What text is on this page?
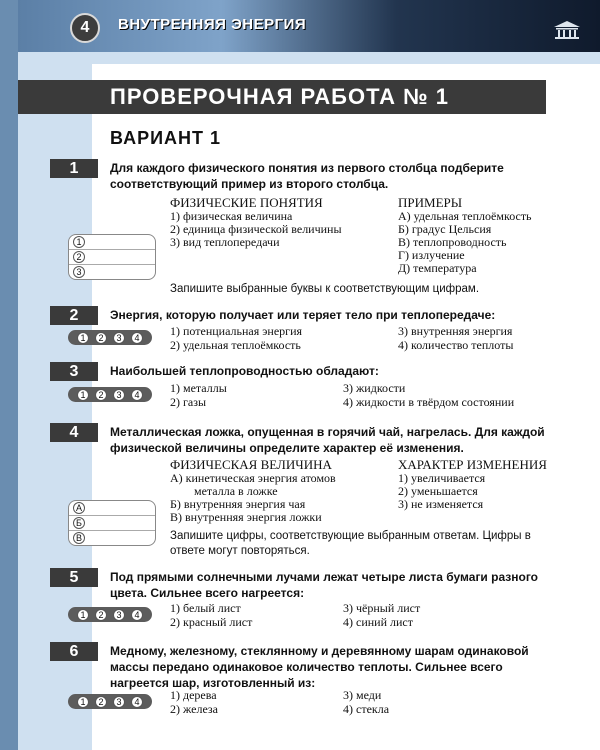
4	ВНУТРЕННЯЯ ЭНЕРГИЯ
ПРОВЕРОЧНАЯ РАБОТА № 1
ВАРИАНТ 1
1	Для каждого физического понятия из первого столбца подберите соответствующий пример из второго столбца.
ФИЗИЧЕСКИЕ ПОНЯТИЯ
1) физическая величина
2) единица физической величины
3) вид теплопередачи
ПРИМЕРЫ
А) удельная теплоёмкость
Б) градус Цельсия
В) теплопроводность
Г) излучение
Д) температура
1
2
3
Запишите выбранные буквы к соответствующим цифрам.
2	Энергия, которую получает или теряет тело при теплопередаче:
1) потенциальная энергия
2) удельная теплоёмкость
3) внутренняя энергия
4) количество теплоты
1	2	3	4
3	Наибольшей теплопроводностью обладают:
1) металлы
2) газы
3) жидкости
4) жидкости в твёрдом состоянии
1	2	3	4
4	Металлическая ложка, опущенная в горячий чай, нагрелась. Для каждой физической величины определите характер её изменения.
ФИЗИЧЕСКАЯ ВЕЛИЧИНА
А) кинетическая энергия атомов
металла в ложке
Б) внутренняя энергия чая
В) внутренняя энергия ложки
ХАРАКТЕР ИЗМЕНЕНИЯ
1) увеличивается
2) уменьшается
3) не изменяется
А
Б
В	Запишите цифры, соответствующие выбранным ответам. Цифры в ответе могут повторяться.
5	Под прямыми солнечными лучами лежат четыре листа бумаги разного цвета. Сильнее всего нагреется:
1) белый лист
2) красный лист
3) чёрный лист
4) синий лист
1	2	3	4
6	Медному, железному, стеклянному и деревянному шарам одинаковой массы передано одинаковое количество теплоты. Сильнее всего нагреется шар, изготовленный из:
1) дерева
2) железа
3) меди
4) стекла
1	2	3	4
